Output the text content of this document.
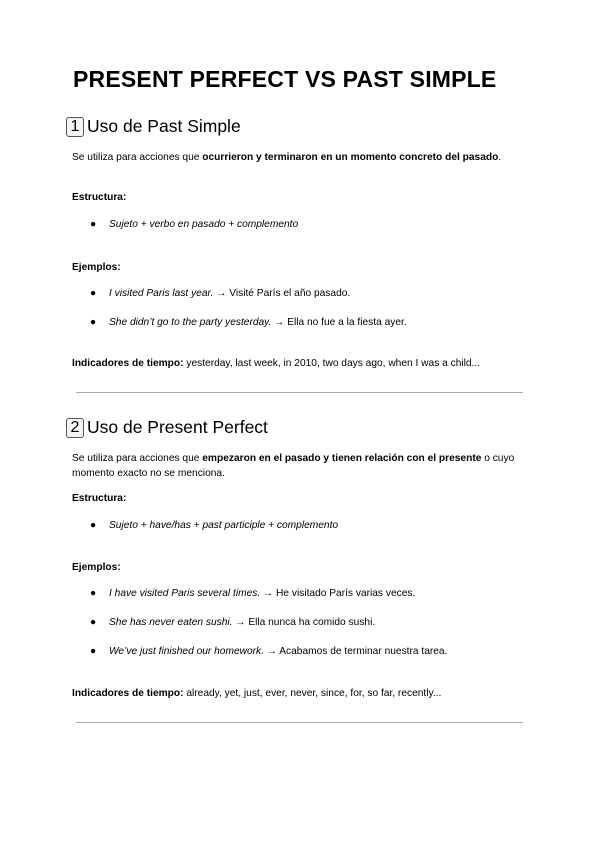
PRESENT PERFECT VS PAST SIMPLE
1 Uso de Past Simple
Se utiliza para acciones que ocurrieron y terminaron en un momento concreto del pasado.
Estructura:
● Sujeto + verbo en pasado + complemento
Ejemplos:
● I visited Paris last year. → Visité París el año pasado.
● She didn’t go to the party yesterday. → Ella no fue a la fiesta ayer.
Indicadores de tiempo: yesterday, last week, in 2010, two days ago, when I was a child...
2 Uso de Present Perfect
Se utiliza para acciones que empezaron en el pasado y tienen relación con el presente o cuyo momento exacto no se menciona.
Estructura:
● Sujeto + have/has + past participle + complemento
Ejemplos:
● I have visited Paris several times. → He visitado París varias veces.
● She has never eaten sushi. → Ella nunca ha comido sushi.
● We’ve just finished our homework. → Acabamos de terminar nuestra tarea.
Indicadores de tiempo: already, yet, just, ever, never, since, for, so far, recently...
